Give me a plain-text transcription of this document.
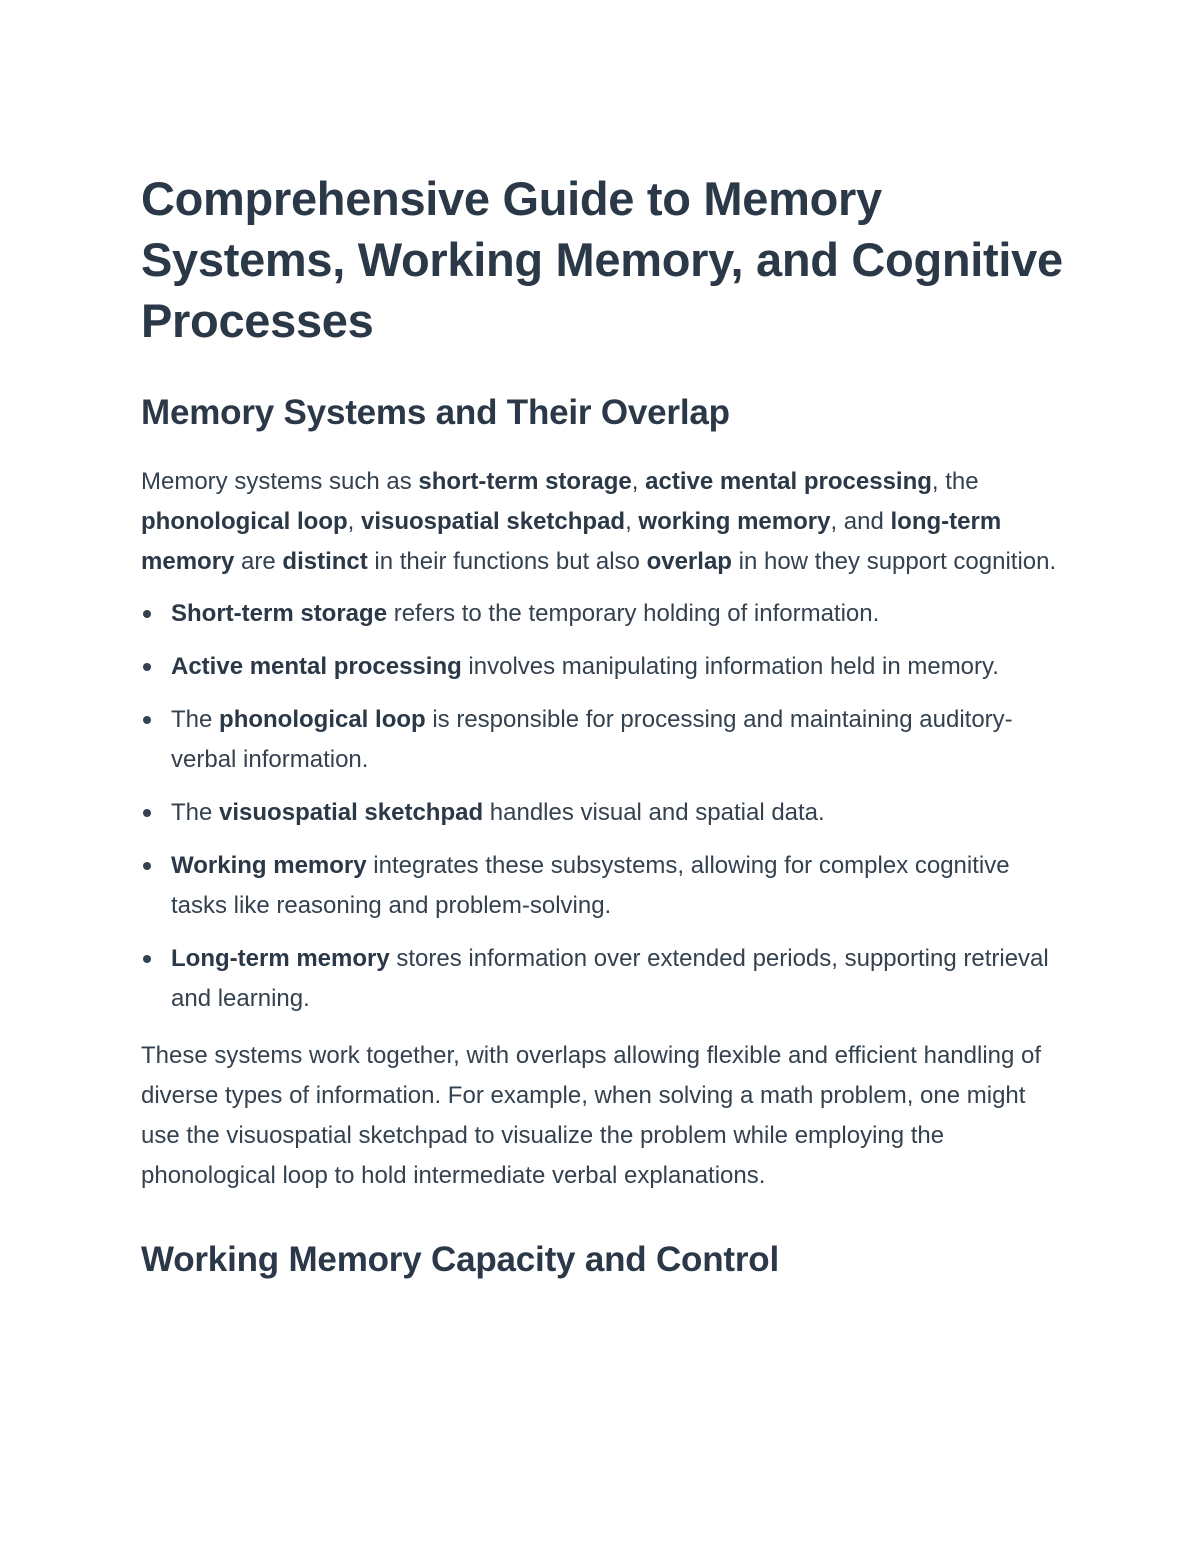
Comprehensive Guide to Memory Systems, Working Memory, and Cognitive Processes
Memory Systems and Their Overlap

Memory systems such as short-term storage, active mental processing, the phonological loop, visuospatial sketchpad, working memory, and long-term memory are distinct in their functions but also overlap in how they support cognition.

Short-term storage refers to the temporary holding of information.
Active mental processing involves manipulating information held in memory.
The phonological loop is responsible for processing and maintaining auditory-verbal information.
The visuospatial sketchpad handles visual and spatial data.
Working memory integrates these subsystems, allowing for complex cognitive tasks like reasoning and problem-solving.
Long-term memory stores information over extended periods, supporting retrieval and learning.

These systems work together, with overlaps allowing flexible and efficient handling of diverse types of information. For example, when solving a math problem, one might use the visuospatial sketchpad to visualize the problem while employing the phonological loop to hold intermediate verbal explanations.

Working Memory Capacity and Control
